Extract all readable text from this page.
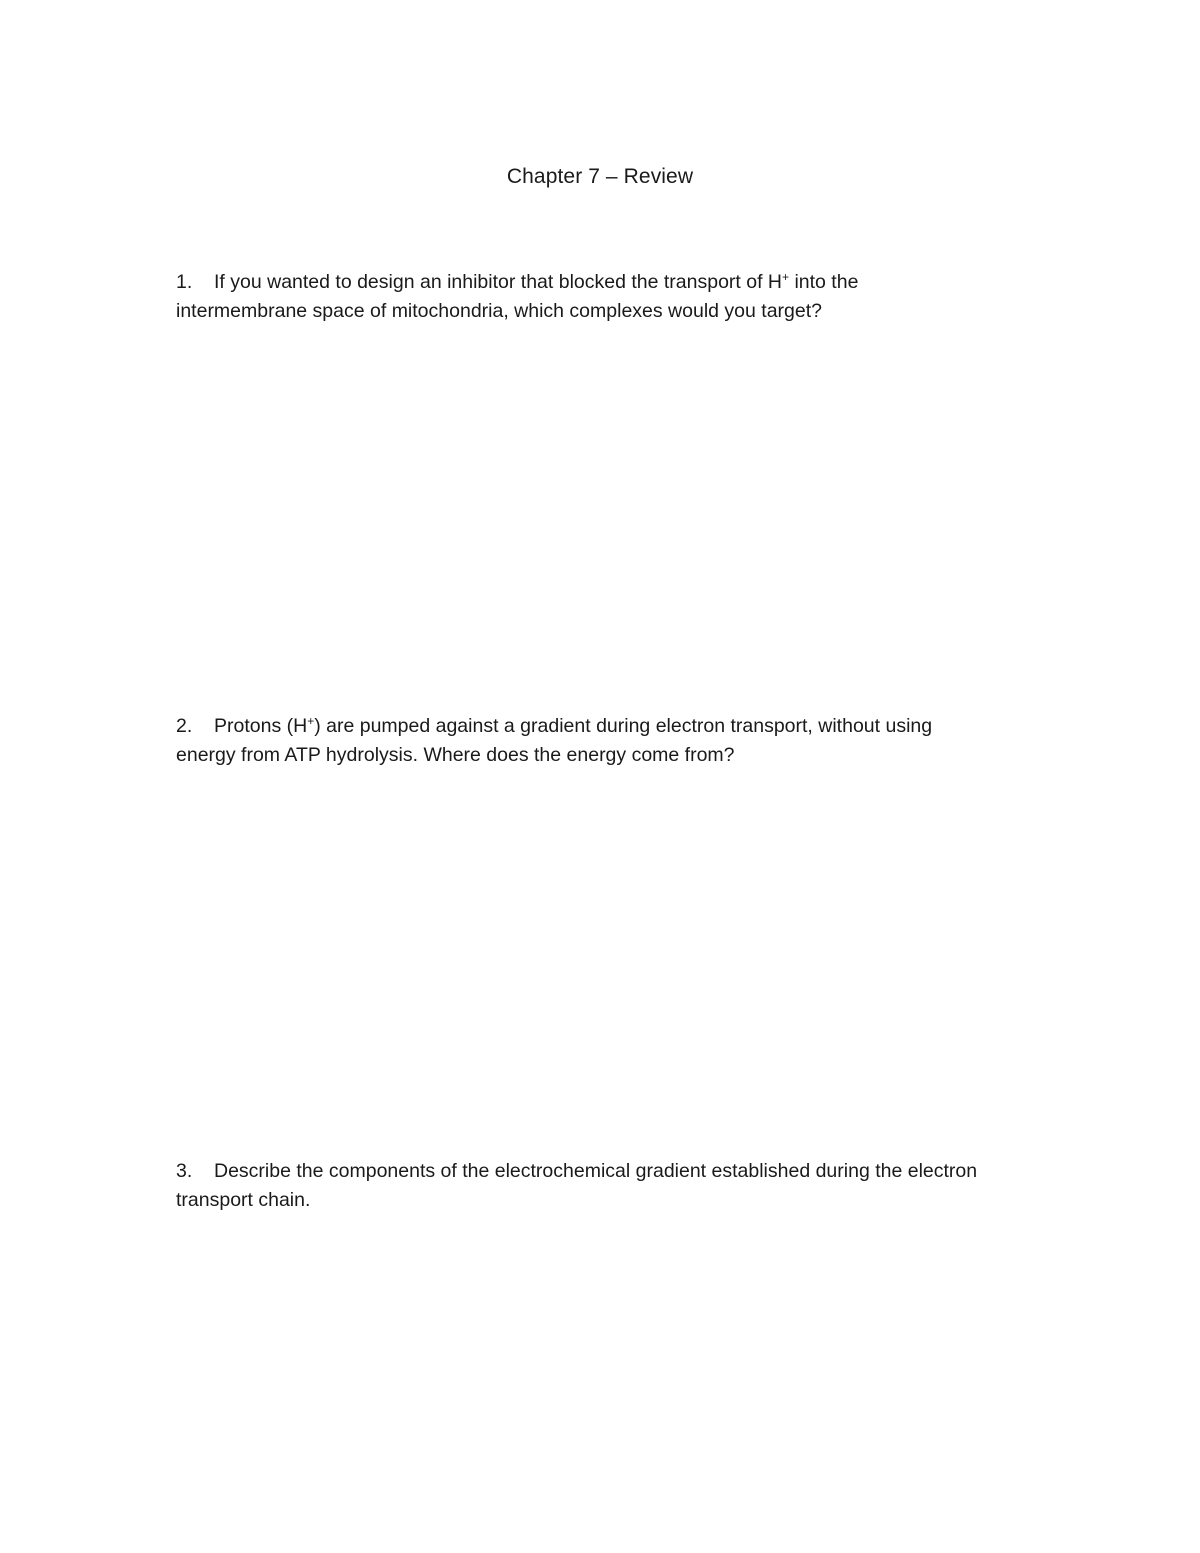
Chapter 7 – Review
1. If you wanted to design an inhibitor that blocked the transport of H+ into the
intermembrane space of mitochondria, which complexes would you target?
2. Protons (H+) are pumped against a gradient during electron transport, without using
energy from ATP hydrolysis. Where does the energy come from?
3. Describe the components of the electrochemical gradient established during the electron
transport chain.
